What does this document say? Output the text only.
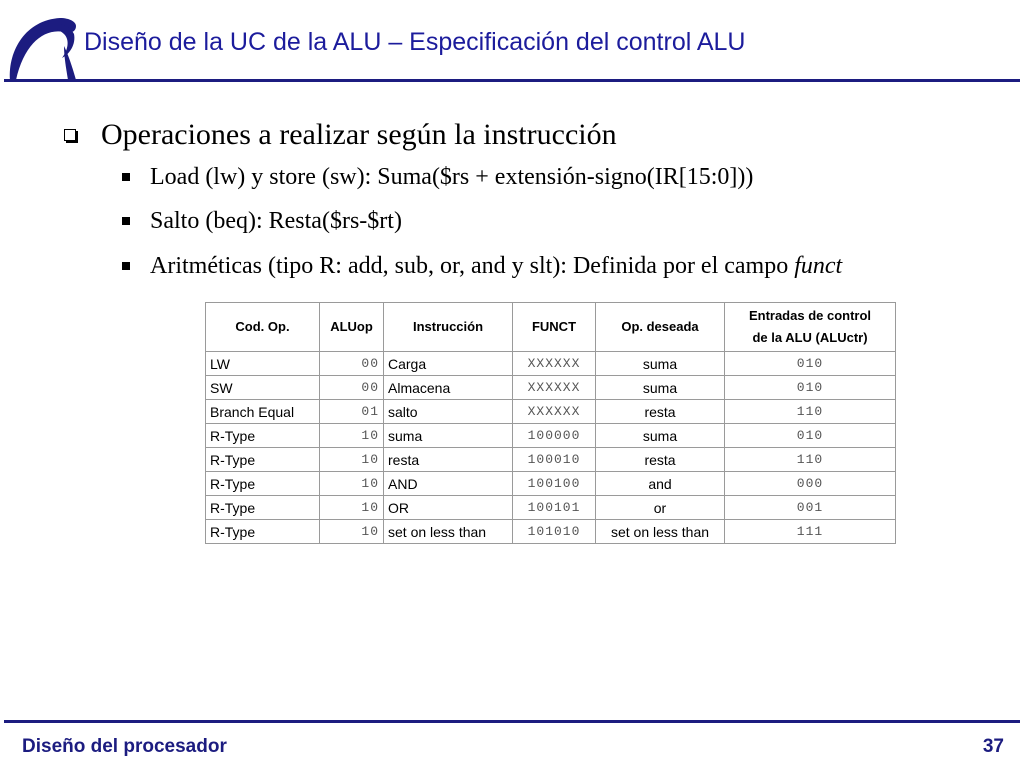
Diseño de la UC de la ALU – Especificación del control ALU
Operaciones a realizar según la instrucción
Load (lw) y store (sw): Suma($rs + extensión-signo(IR[15:0]))
Salto (beq): Resta($rs-$rt)
Aritméticas (tipo R: add, sub, or, and y slt): Definida por el campo funct
Cod. Op.	ALUop	Instrucción	FUNCT	Op. deseada	Entradas de control
de la ALU (ALUctr)
LW	00	Carga	XXXXXX	suma	010
SW	00	Almacena	XXXXXX	suma	010
Branch Equal	01	salto	XXXXXX	resta	110
R-Type	10	suma	100000	suma	010
R-Type	10	resta	100010	resta	110
R-Type	10	AND	100100	and	000
R-Type	10	OR	100101	or	001
R-Type	10	set on less than	101010	set on less than	111
Diseño del procesador	37
